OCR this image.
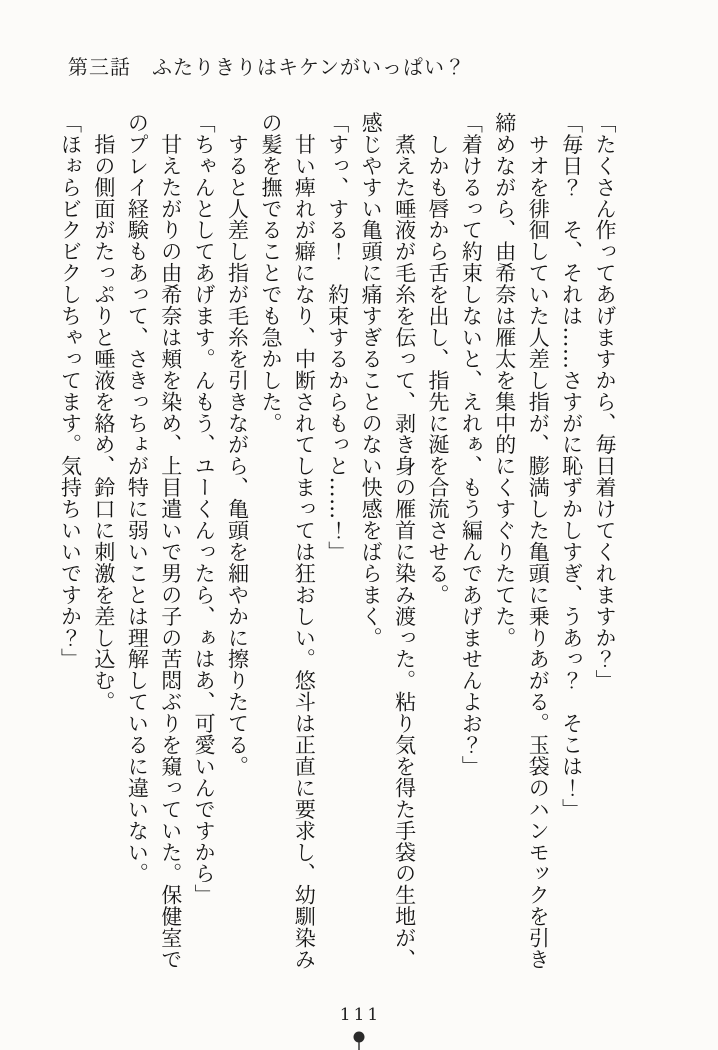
第三話　ふたりきりはキケンがいっぱい？

「たくさん作ってあげますから、毎日着けてくれますか？」

「毎日？　そ、それは……さすがに恥ずかしすぎ、うあっ？　そこは！」

　サオを徘徊していた人差し指が、膨満した亀頭に乗りあがる。玉袋のハンモックを引き締めながら、由希奈は雁太を集中的にくすぐりたてた。

「着けるって約束しないと、えれぁ、もう編んであげませんよお？」

　しかも唇から舌を出し、指先に涎を合流させる。

　煮えた唾液が毛糸を伝って、剥き身の雁首に染み渡った。粘り気を得た手袋の生地が、感じやすい亀頭に痛すぎることのない快感をばらまく。

「すっ、する！　約束するからもっと……！」

　甘い痺れが癖になり、中断されてしまっては狂おしい。悠斗は正直に要求し、幼馴染みの髪を撫でることでも急かした。

　すると人差し指が毛糸を引きながら、亀頭を細やかに擦りたてる。

「ちゃんとしてあげます。んもう、ユーくんったら、ぁはあ、可愛いんですから」

　甘えたがりの由希奈は頬を染め、上目遣いで男の子の苦悶ぶりを窺っていた。保健室でのプレイ経験もあって、さきっちょが特に弱いことは理解しているに違いない。

　指の側面がたっぷりと唾液を絡め、鈴口に刺激を差し込む。

「ほぉらビクビクしちゃってます。気持ちいいですか？」

111
